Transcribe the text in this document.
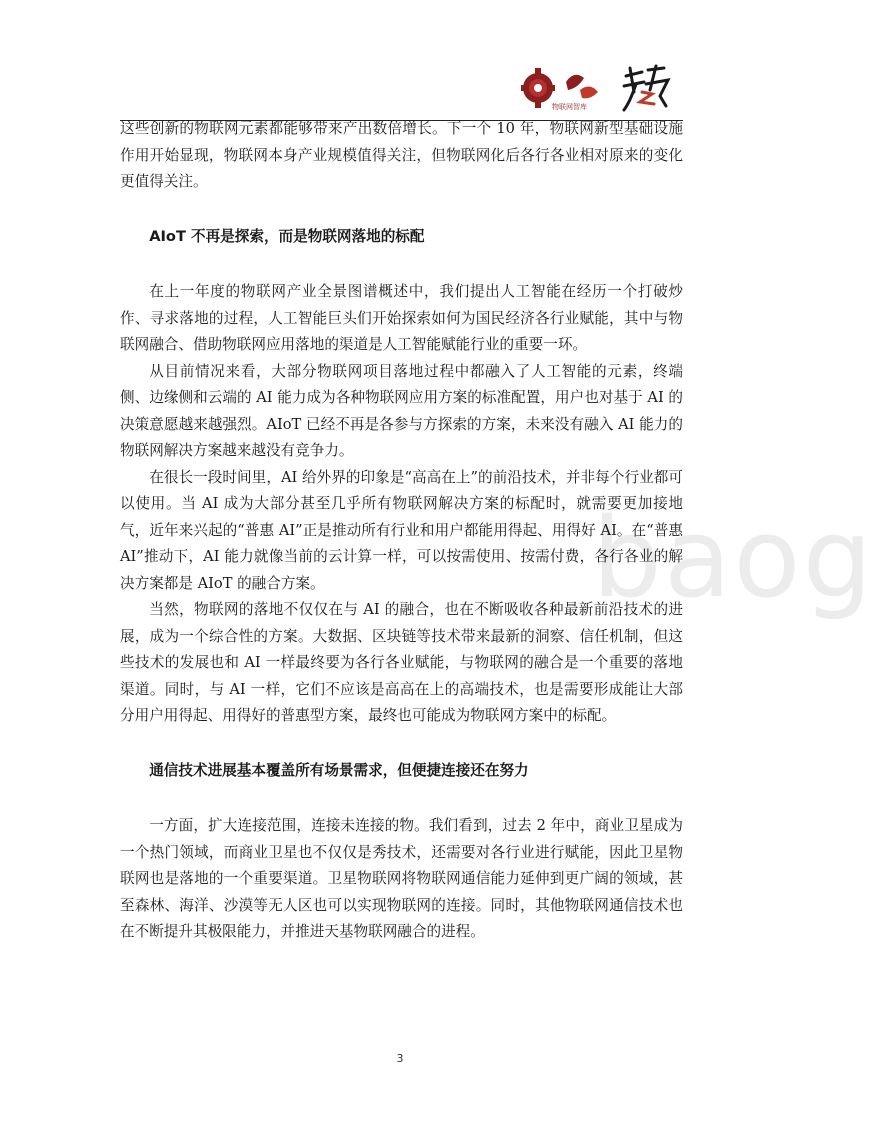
物联网智库

这些创新的物联网元素都能够带来产出数倍增长。下一个 10 年，物联网新型基础设施作用开始显现，物联网本身产业规模值得关注，但物联网化后各行各业相对原来的变化更值得关注。

AIoT 不再是探索，而是物联网落地的标配

在上一年度的物联网产业全景图谱概述中，我们提出人工智能在经历一个打破炒作、寻求落地的过程，人工智能巨头们开始探索如何为国民经济各行业赋能，其中与物联网融合、借助物联网应用落地的渠道是人工智能赋能行业的重要一环。

从目前情况来看，大部分物联网项目落地过程中都融入了人工智能的元素，终端侧、边缘侧和云端的 AI 能力成为各种物联网应用方案的标准配置，用户也对基于 AI 的决策意愿越来越强烈。AIoT 已经不再是各参与方探索的方案，未来没有融入 AI 能力的物联网解决方案越来越没有竞争力。

在很长一段时间里，AI 给外界的印象是“高高在上”的前沿技术，并非每个行业都可以使用。当 AI 成为大部分甚至几乎所有物联网解决方案的标配时，就需要更加接地气，近年来兴起的“普惠 AI”正是推动所有行业和用户都能用得起、用得好 AI。在“普惠 AI”推动下，AI 能力就像当前的云计算一样，可以按需使用、按需付费，各行各业的解决方案都是 AIoT 的融合方案。

当然，物联网的落地不仅仅在与 AI 的融合，也在不断吸收各种最新前沿技术的进展，成为一个综合性的方案。大数据、区块链等技术带来最新的洞察、信任机制，但这些技术的发展也和 AI 一样最终要为各行各业赋能，与物联网的融合是一个重要的落地渠道。同时，与 AI 一样，它们不应该是高高在上的高端技术，也是需要形成能让大部分用户用得起、用得好的普惠型方案，最终也可能成为物联网方案中的标配。

通信技术进展基本覆盖所有场景需求，但便捷连接还在努力

一方面，扩大连接范围，连接未连接的物。我们看到，过去 2 年中，商业卫星成为一个热门领域，而商业卫星也不仅仅是秀技术，还需要对各行业进行赋能，因此卫星物联网也是落地的一个重要渠道。卫星物联网将物联网通信能力延伸到更广阔的领域，甚至森林、海洋、沙漠等无人区也可以实现物联网的连接。同时，其他物联网通信技术也在不断提升其极限能力，并推进天基物联网融合的进程。

baog
3
